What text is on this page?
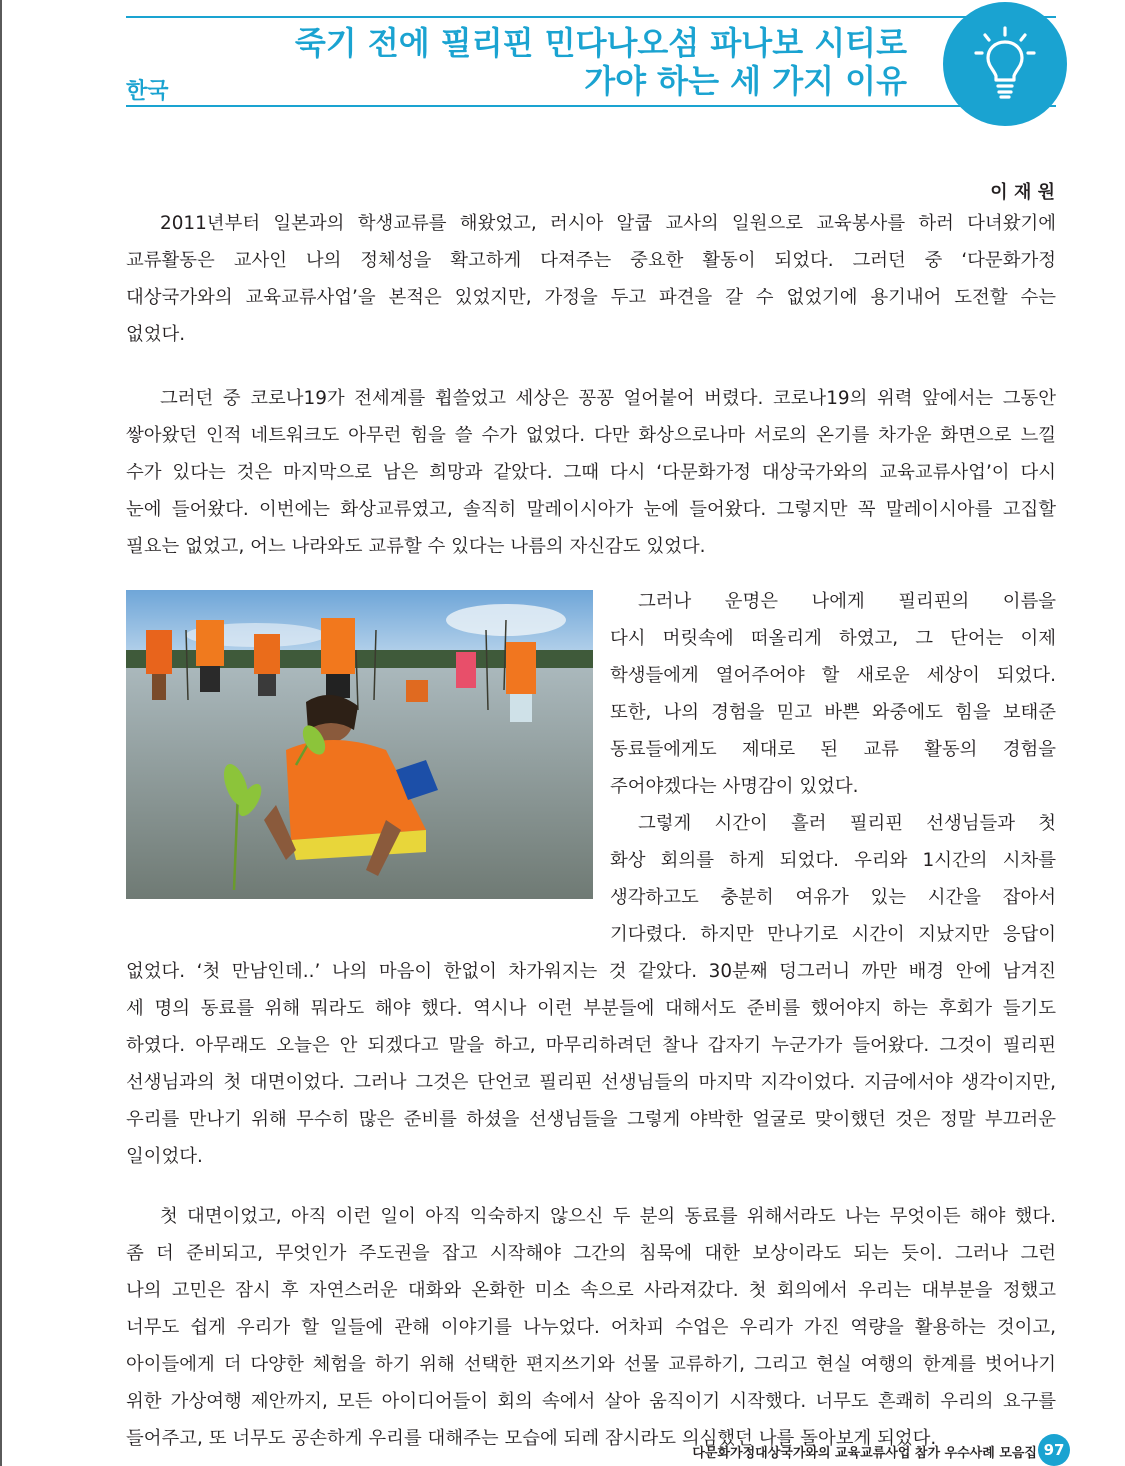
한국
죽기 전에 필리핀 민다나오섬 파나보 시티로
가야 하는 세 가지 이유
이 재 원

2011년부터 일본과의 학생교류를 해왔었고, 러시아 알쿱 교사의 일원으로 교육봉사를 하러 다녀왔기에

교류활동은 교사인 나의 정체성을 확고하게 다져주는 중요한 활동이 되었다. 그러던 중 ‘다문화가정

대상국가와의 교육교류사업’을 본적은 있었지만, 가정을 두고 파견을 갈 수 없었기에 용기내어 도전할 수는

없었다.

그러던 중 코로나19가 전세계를 휩쓸었고 세상은 꽁꽁 얼어붙어 버렸다. 코로나19의 위력 앞에서는 그동안

쌓아왔던 인적 네트워크도 아무런 힘을 쓸 수가 없었다. 다만 화상으로나마 서로의 온기를 차가운 화면으로 느낄

수가 있다는 것은 마지막으로 남은 희망과 같았다. 그때 다시 ‘다문화가정 대상국가와의 교육교류사업’이 다시

눈에 들어왔다. 이번에는 화상교류였고, 솔직히 말레이시아가 눈에 들어왔다. 그렇지만 꼭 말레이시아를 고집할

필요는 없었고, 어느 나라와도 교류할 수 있다는 나름의 자신감도 있었다.

그러나 운명은 나에게 필리핀의 이름을

다시 머릿속에 떠올리게 하였고, 그 단어는 이제

학생들에게 열어주어야 할 새로운 세상이 되었다.

또한, 나의 경험을 믿고 바쁜 와중에도 힘을 보태준

동료들에게도 제대로 된 교류 활동의 경험을

주어야겠다는 사명감이 있었다.

그렇게 시간이 흘러 필리핀 선생님들과 첫

화상 회의를 하게 되었다. 우리와 1시간의 시차를

생각하고도 충분히 여유가 있는 시간을 잡아서

기다렸다. 하지만 만나기로 시간이 지났지만 응답이

없었다. ‘첫 만남인데..’ 나의 마음이 한없이 차가워지는 것 같았다. 30분째 덩그러니 까만 배경 안에 남겨진

세 명의 동료를 위해 뭐라도 해야 했다. 역시나 이런 부분들에 대해서도 준비를 했어야지 하는 후회가 들기도

하였다. 아무래도 오늘은 안 되겠다고 말을 하고, 마무리하려던 찰나 갑자기 누군가가 들어왔다. 그것이 필리핀

선생님과의 첫 대면이었다. 그러나 그것은 단언코 필리핀 선생님들의 마지막 지각이었다. 지금에서야 생각이지만,

우리를 만나기 위해 무수히 많은 준비를 하셨을 선생님들을 그렇게 야박한 얼굴로 맞이했던 것은 정말 부끄러운

일이었다.

첫 대면이었고, 아직 이런 일이 아직 익숙하지 않으신 두 분의 동료를 위해서라도 나는 무엇이든 해야 했다.

좀 더 준비되고, 무엇인가 주도권을 잡고 시작해야 그간의 침묵에 대한 보상이라도 되는 듯이. 그러나 그런

나의 고민은 잠시 후 자연스러운 대화와 온화한 미소 속으로 사라져갔다. 첫 회의에서 우리는 대부분을 정했고

너무도 쉽게 우리가 할 일들에 관해 이야기를 나누었다. 어차피 수업은 우리가 가진 역량을 활용하는 것이고,

아이들에게 더 다양한 체험을 하기 위해 선택한 편지쓰기와 선물 교류하기, 그리고 현실 여행의 한계를 벗어나기

위한 가상여행 제안까지, 모든 아이디어들이 회의 속에서 살아 움직이기 시작했다. 너무도 흔쾌히 우리의 요구를

들어주고, 또 너무도 공손하게 우리를 대해주는 모습에 되레 잠시라도 의심했던 나를 돌아보게 되었다.

다문화가정대상국가와의 교육교류사업 참가 우수사례 모음집 97
